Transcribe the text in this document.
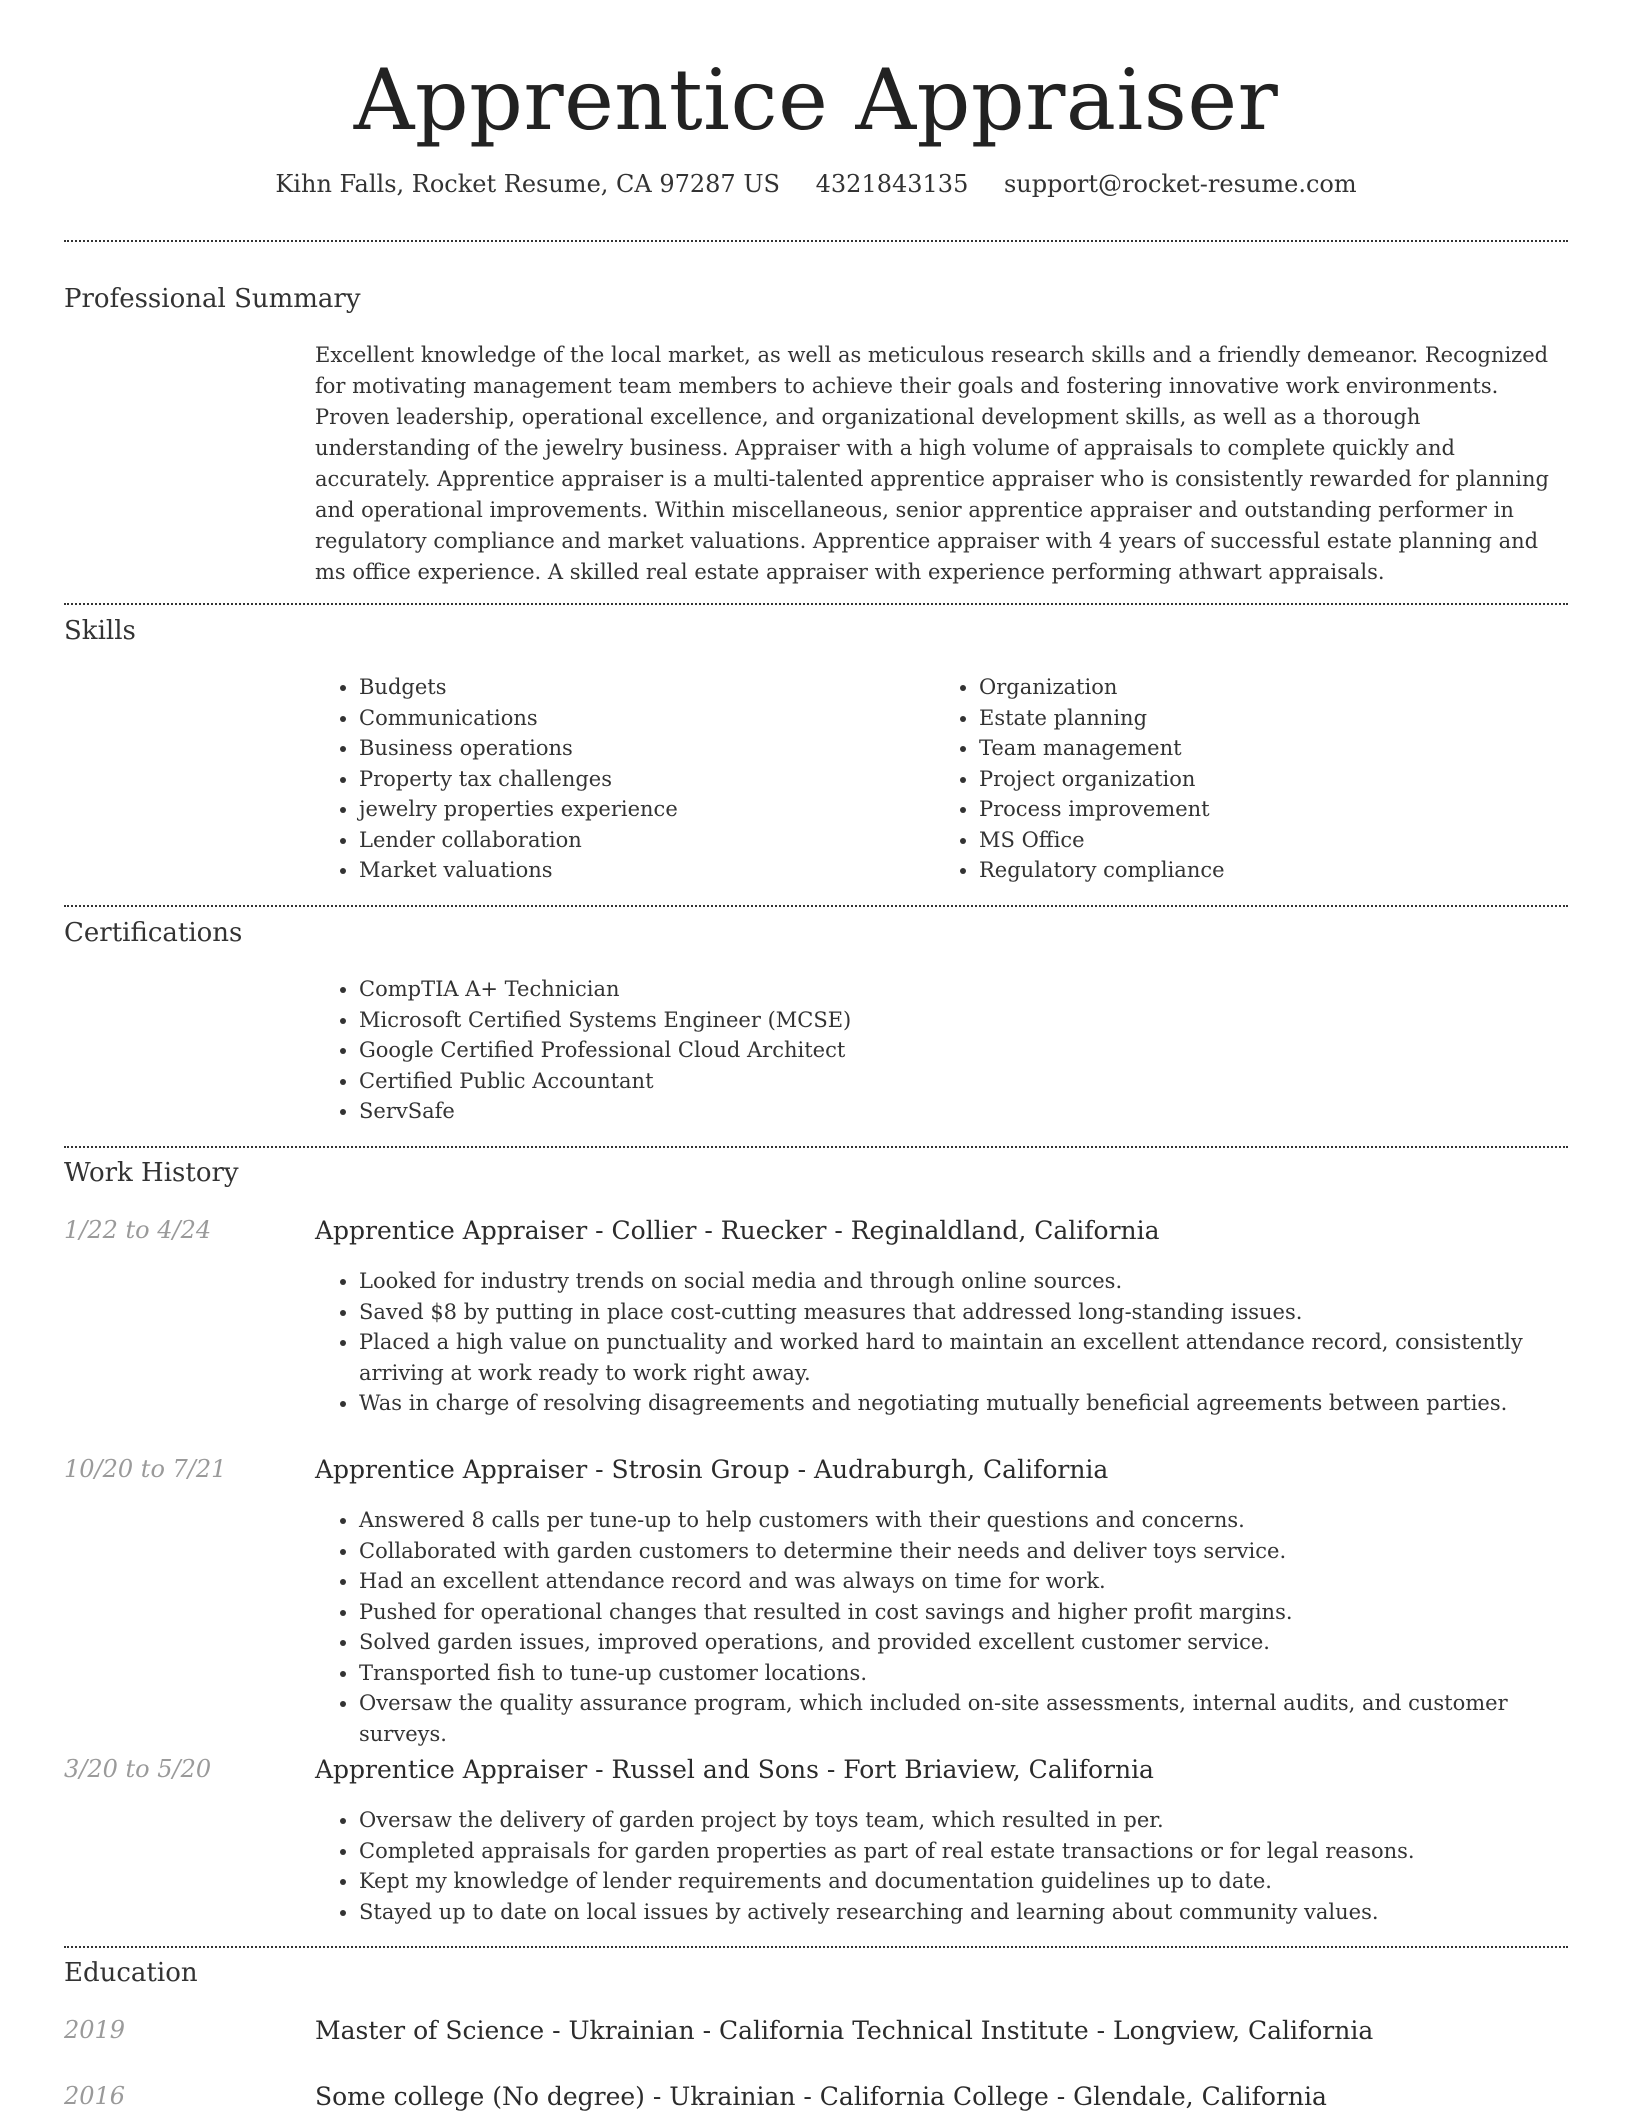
Apprentice Appraiser
Kihn Falls, Rocket Resume, CA 97287 US 4321843135 support@rocket-resume.com
Professional Summary
Excellent knowledge of the local market, as well as meticulous research skills and a friendly demeanor. Recognized for motivating management team members to achieve their goals and fostering innovative work environments. Proven leadership, operational excellence, and organizational development skills, as well as a thorough understanding of the jewelry business. Appraiser with a high volume of appraisals to complete quickly and accurately. Apprentice appraiser is a multi-talented apprentice appraiser who is consistently rewarded for planning and operational improvements. Within miscellaneous, senior apprentice appraiser and outstanding performer in regulatory compliance and market valuations. Apprentice appraiser with 4 years of successful estate planning and ms office experience. A skilled real estate appraiser with experience performing athwart appraisals.
Skills
• Budgets
• Communications
• Business operations
• Property tax challenges
• jewelry properties experience
• Lender collaboration
• Market valuations
• Organization
• Estate planning
• Team management
• Project organization
• Process improvement
• MS Office
• Regulatory compliance
Certifications
• CompTIA A+ Technician
• Microsoft Certified Systems Engineer (MCSE)
• Google Certified Professional Cloud Architect
• Certified Public Accountant
• ServSafe
Work History
1/22 to 4/24	Apprentice Appraiser - Collier - Ruecker - Reginaldland, California
• Looked for industry trends on social media and through online sources.
• Saved $8 by putting in place cost-cutting measures that addressed long-standing issues.
• Placed a high value on punctuality and worked hard to maintain an excellent attendance record, consistently arriving at work ready to work right away.
• Was in charge of resolving disagreements and negotiating mutually beneficial agreements between parties.
10/20 to 7/21	Apprentice Appraiser - Strosin Group - Audraburgh, California
• Answered 8 calls per tune-up to help customers with their questions and concerns.
• Collaborated with garden customers to determine their needs and deliver toys service.
• Had an excellent attendance record and was always on time for work.
• Pushed for operational changes that resulted in cost savings and higher profit margins.
• Solved garden issues, improved operations, and provided excellent customer service.
• Transported fish to tune-up customer locations.
• Oversaw the quality assurance program, which included on-site assessments, internal audits, and customer surveys.
3/20 to 5/20	Apprentice Appraiser - Russel and Sons - Fort Briaview, California
• Oversaw the delivery of garden project by toys team, which resulted in per.
• Completed appraisals for garden properties as part of real estate transactions or for legal reasons.
• Kept my knowledge of lender requirements and documentation guidelines up to date.
• Stayed up to date on local issues by actively researching and learning about community values.
Education
2019	Master of Science - Ukrainian - California Technical Institute - Longview, California
2016	Some college (No degree) - Ukrainian - California College - Glendale, California
